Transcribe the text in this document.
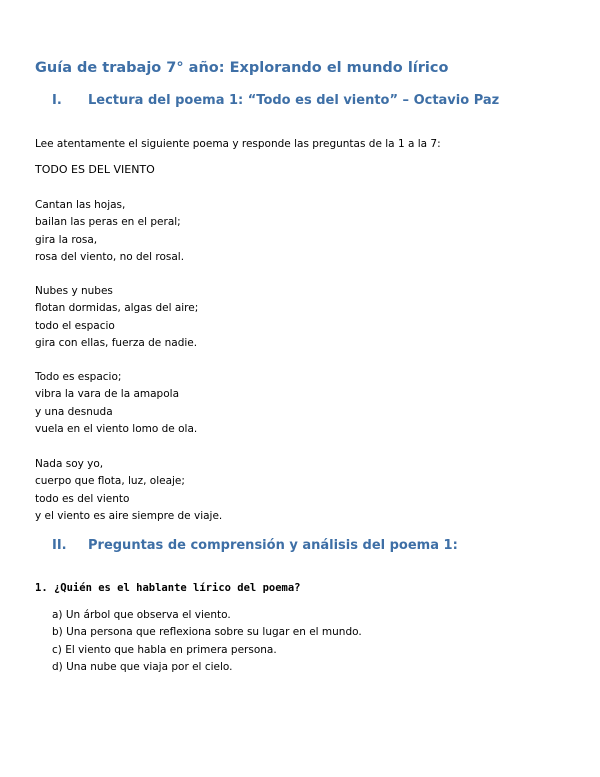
Guía de trabajo 7° año: Explorando el mundo lírico
I. Lectura del poema 1: “Todo es del viento” – Octavio Paz
Lee atentamente el siguiente poema y responde las preguntas de la 1 a la 7:
TODO ES DEL VIENTO
Cantan las hojas,
bailan las peras en el peral;
gira la rosa,
rosa del viento, no del rosal.
Nubes y nubes
flotan dormidas, algas del aire;
todo el espacio
gira con ellas, fuerza de nadie.
Todo es espacio;
vibra la vara de la amapola
y una desnuda
vuela en el viento lomo de ola.
Nada soy yo,
cuerpo que flota, luz, oleaje;
todo es del viento
y el viento es aire siempre de viaje.
II. Preguntas de comprensión y análisis del poema 1:
1. ¿Quién es el hablante lírico del poema?
a) Un árbol que observa el viento.
b) Una persona que reflexiona sobre su lugar en el mundo.
c) El viento que habla en primera persona.
d) Una nube que viaja por el cielo.
